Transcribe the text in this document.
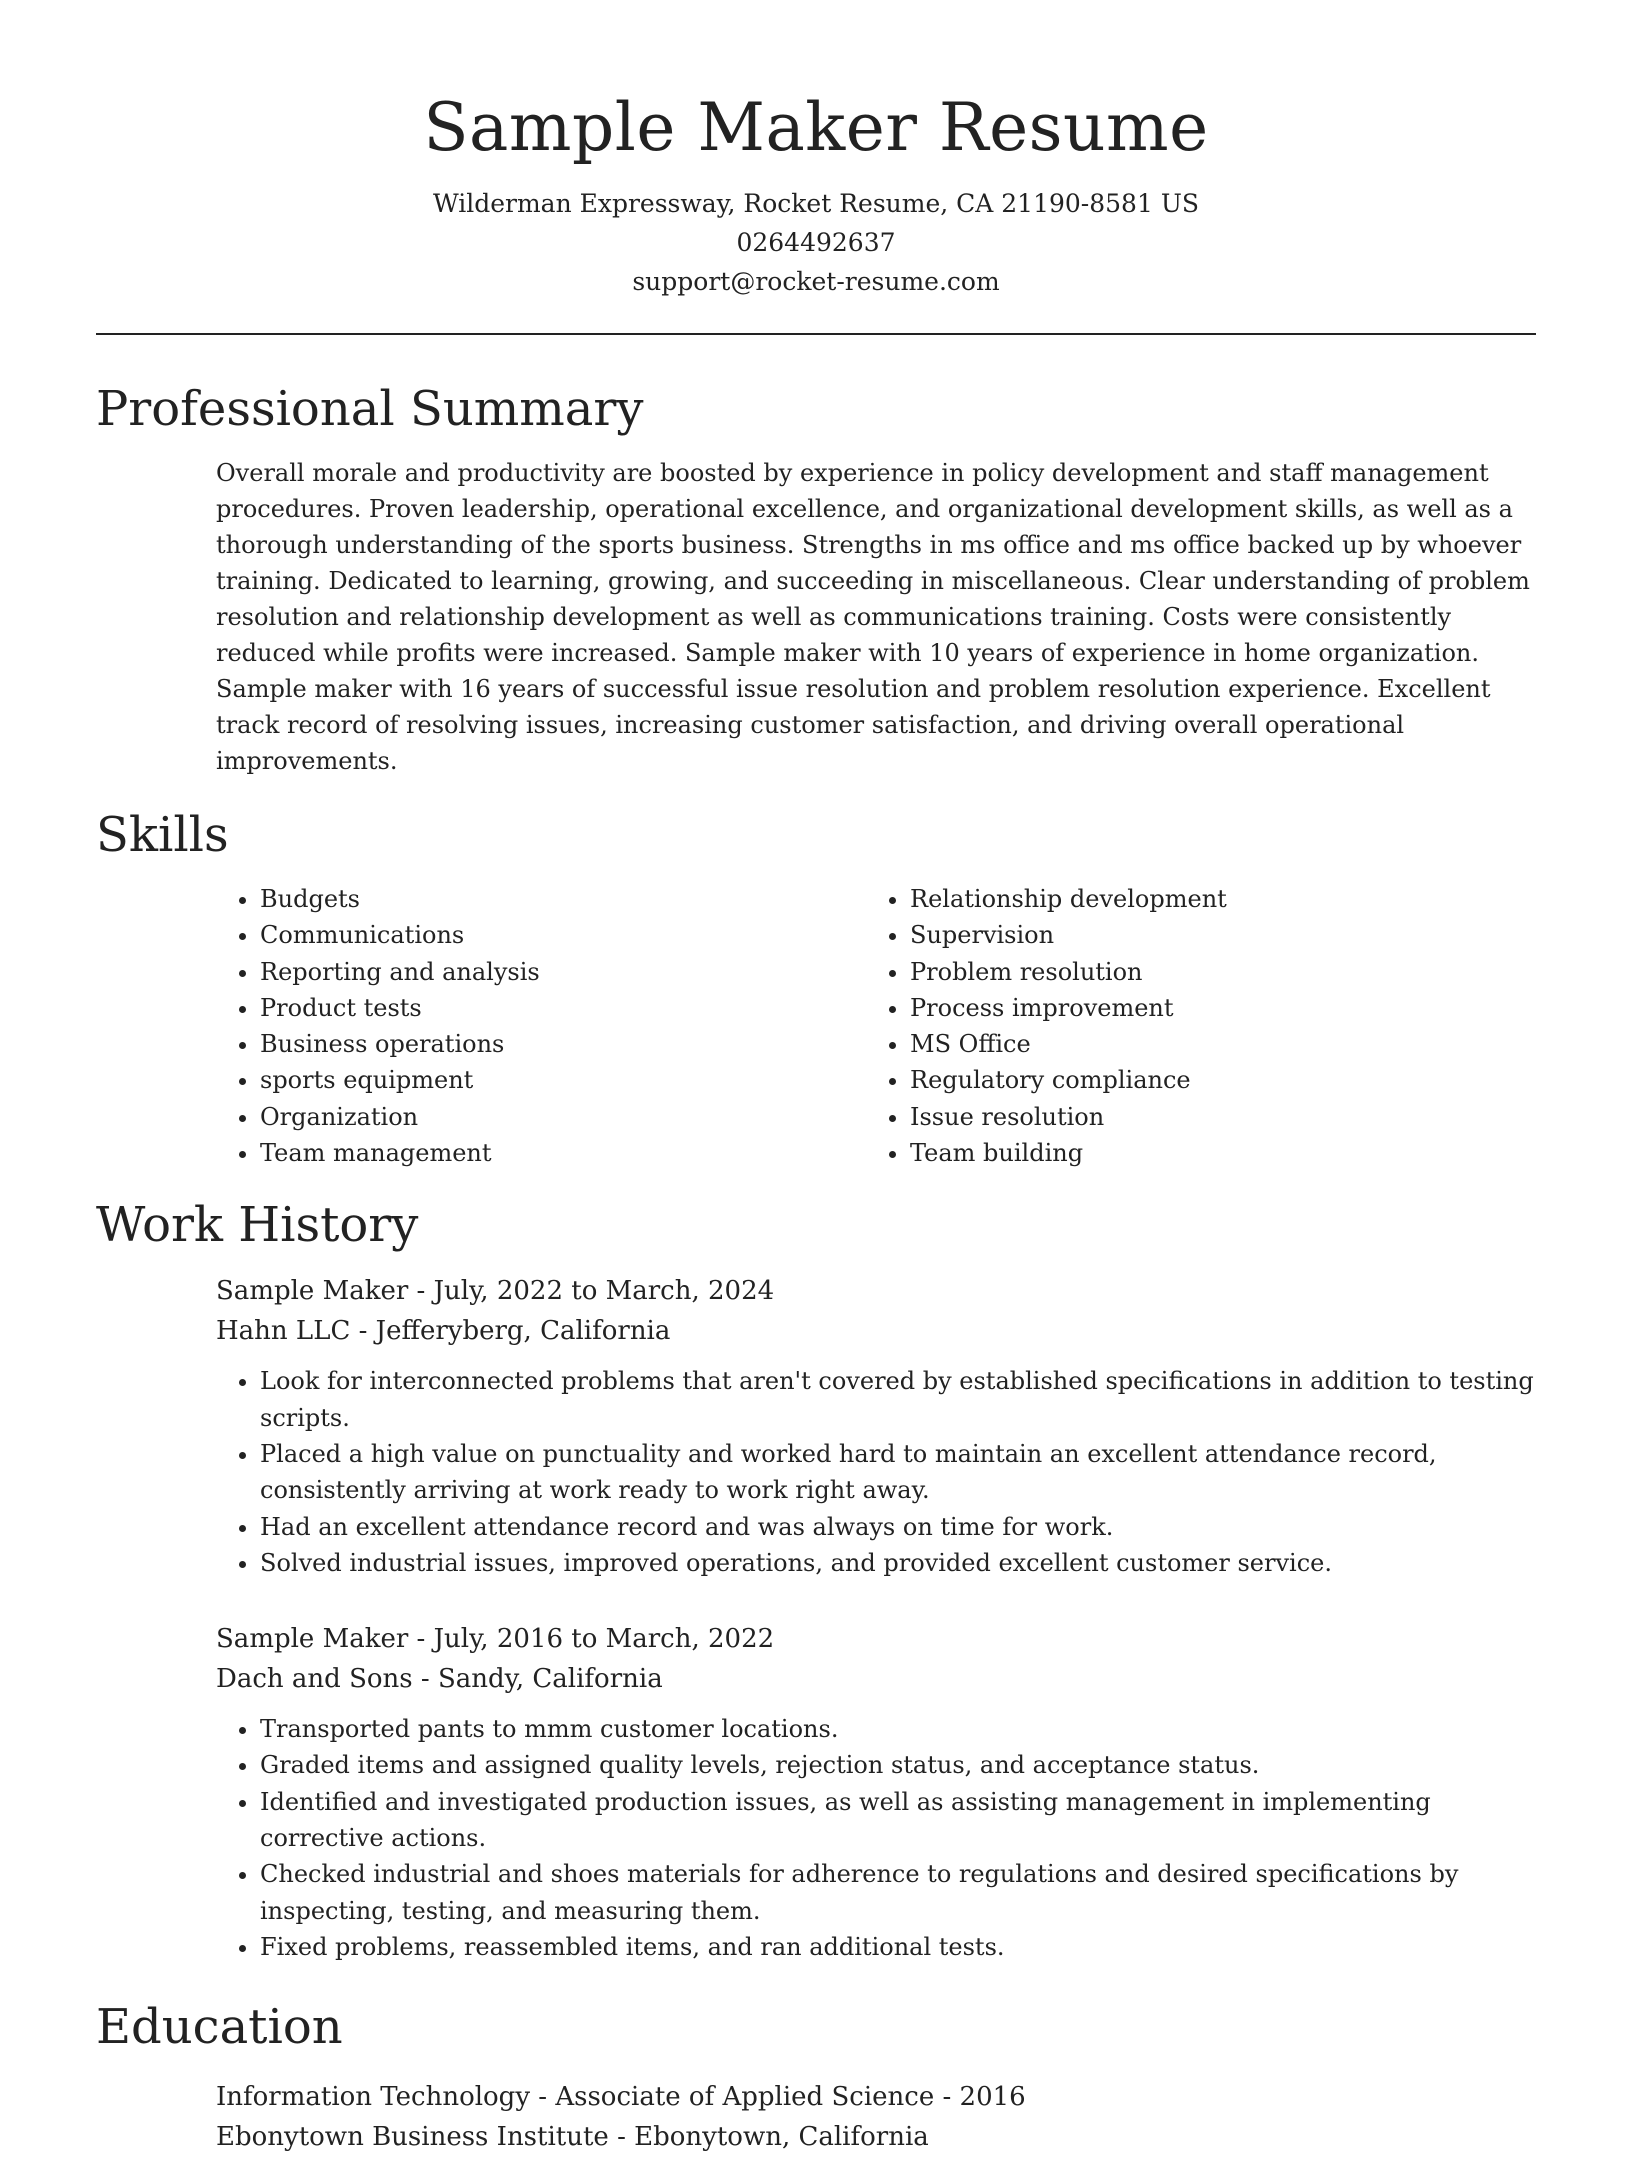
Sample Maker Resume
Wilderman Expressway, Rocket Resume, CA 21190-8581 US
0264492637
support@rocket-resume.com
Professional Summary

Overall morale and productivity are boosted by experience in policy development and staff management procedures. Proven leadership, operational excellence, and organizational development skills, as well as a thorough understanding of the sports business. Strengths in ms office and ms office backed up by whoever training. Dedicated to learning, growing, and succeeding in miscellaneous. Clear understanding of problem resolution and relationship development as well as communications training. Costs were consistently reduced while profits were increased. Sample maker with 10 years of experience in home organization. Sample maker with 16 years of successful issue resolution and problem resolution experience. Excellent track record of resolving issues, increasing customer satisfaction, and driving overall operational improvements.

Skills
• Budgets
• Communications
• Reporting and analysis
• Product tests
• Business operations
• sports equipment
• Organization
• Team management
• Relationship development
• Supervision
• Problem resolution
• Process improvement
• MS Office
• Regulatory compliance
• Issue resolution
• Team building
Work History
Sample Maker - July, 2022 to March, 2024
Hahn LLC - Jefferyberg, California
• Look for interconnected problems that aren't covered by established specifications in addition to testing scripts.
• Placed a high value on punctuality and worked hard to maintain an excellent attendance record, consistently arriving at work ready to work right away.
• Had an excellent attendance record and was always on time for work.
• Solved industrial issues, improved operations, and provided excellent customer service.
Sample Maker - July, 2016 to March, 2022
Dach and Sons - Sandy, California
• Transported pants to mmm customer locations.
• Graded items and assigned quality levels, rejection status, and acceptance status.
• Identified and investigated production issues, as well as assisting management in implementing corrective actions.
• Checked industrial and shoes materials for adherence to regulations and desired specifications by inspecting, testing, and measuring them.
• Fixed problems, reassembled items, and ran additional tests.
Education
Information Technology - Associate of Applied Science - 2016
Ebonytown Business Institute - Ebonytown, California
